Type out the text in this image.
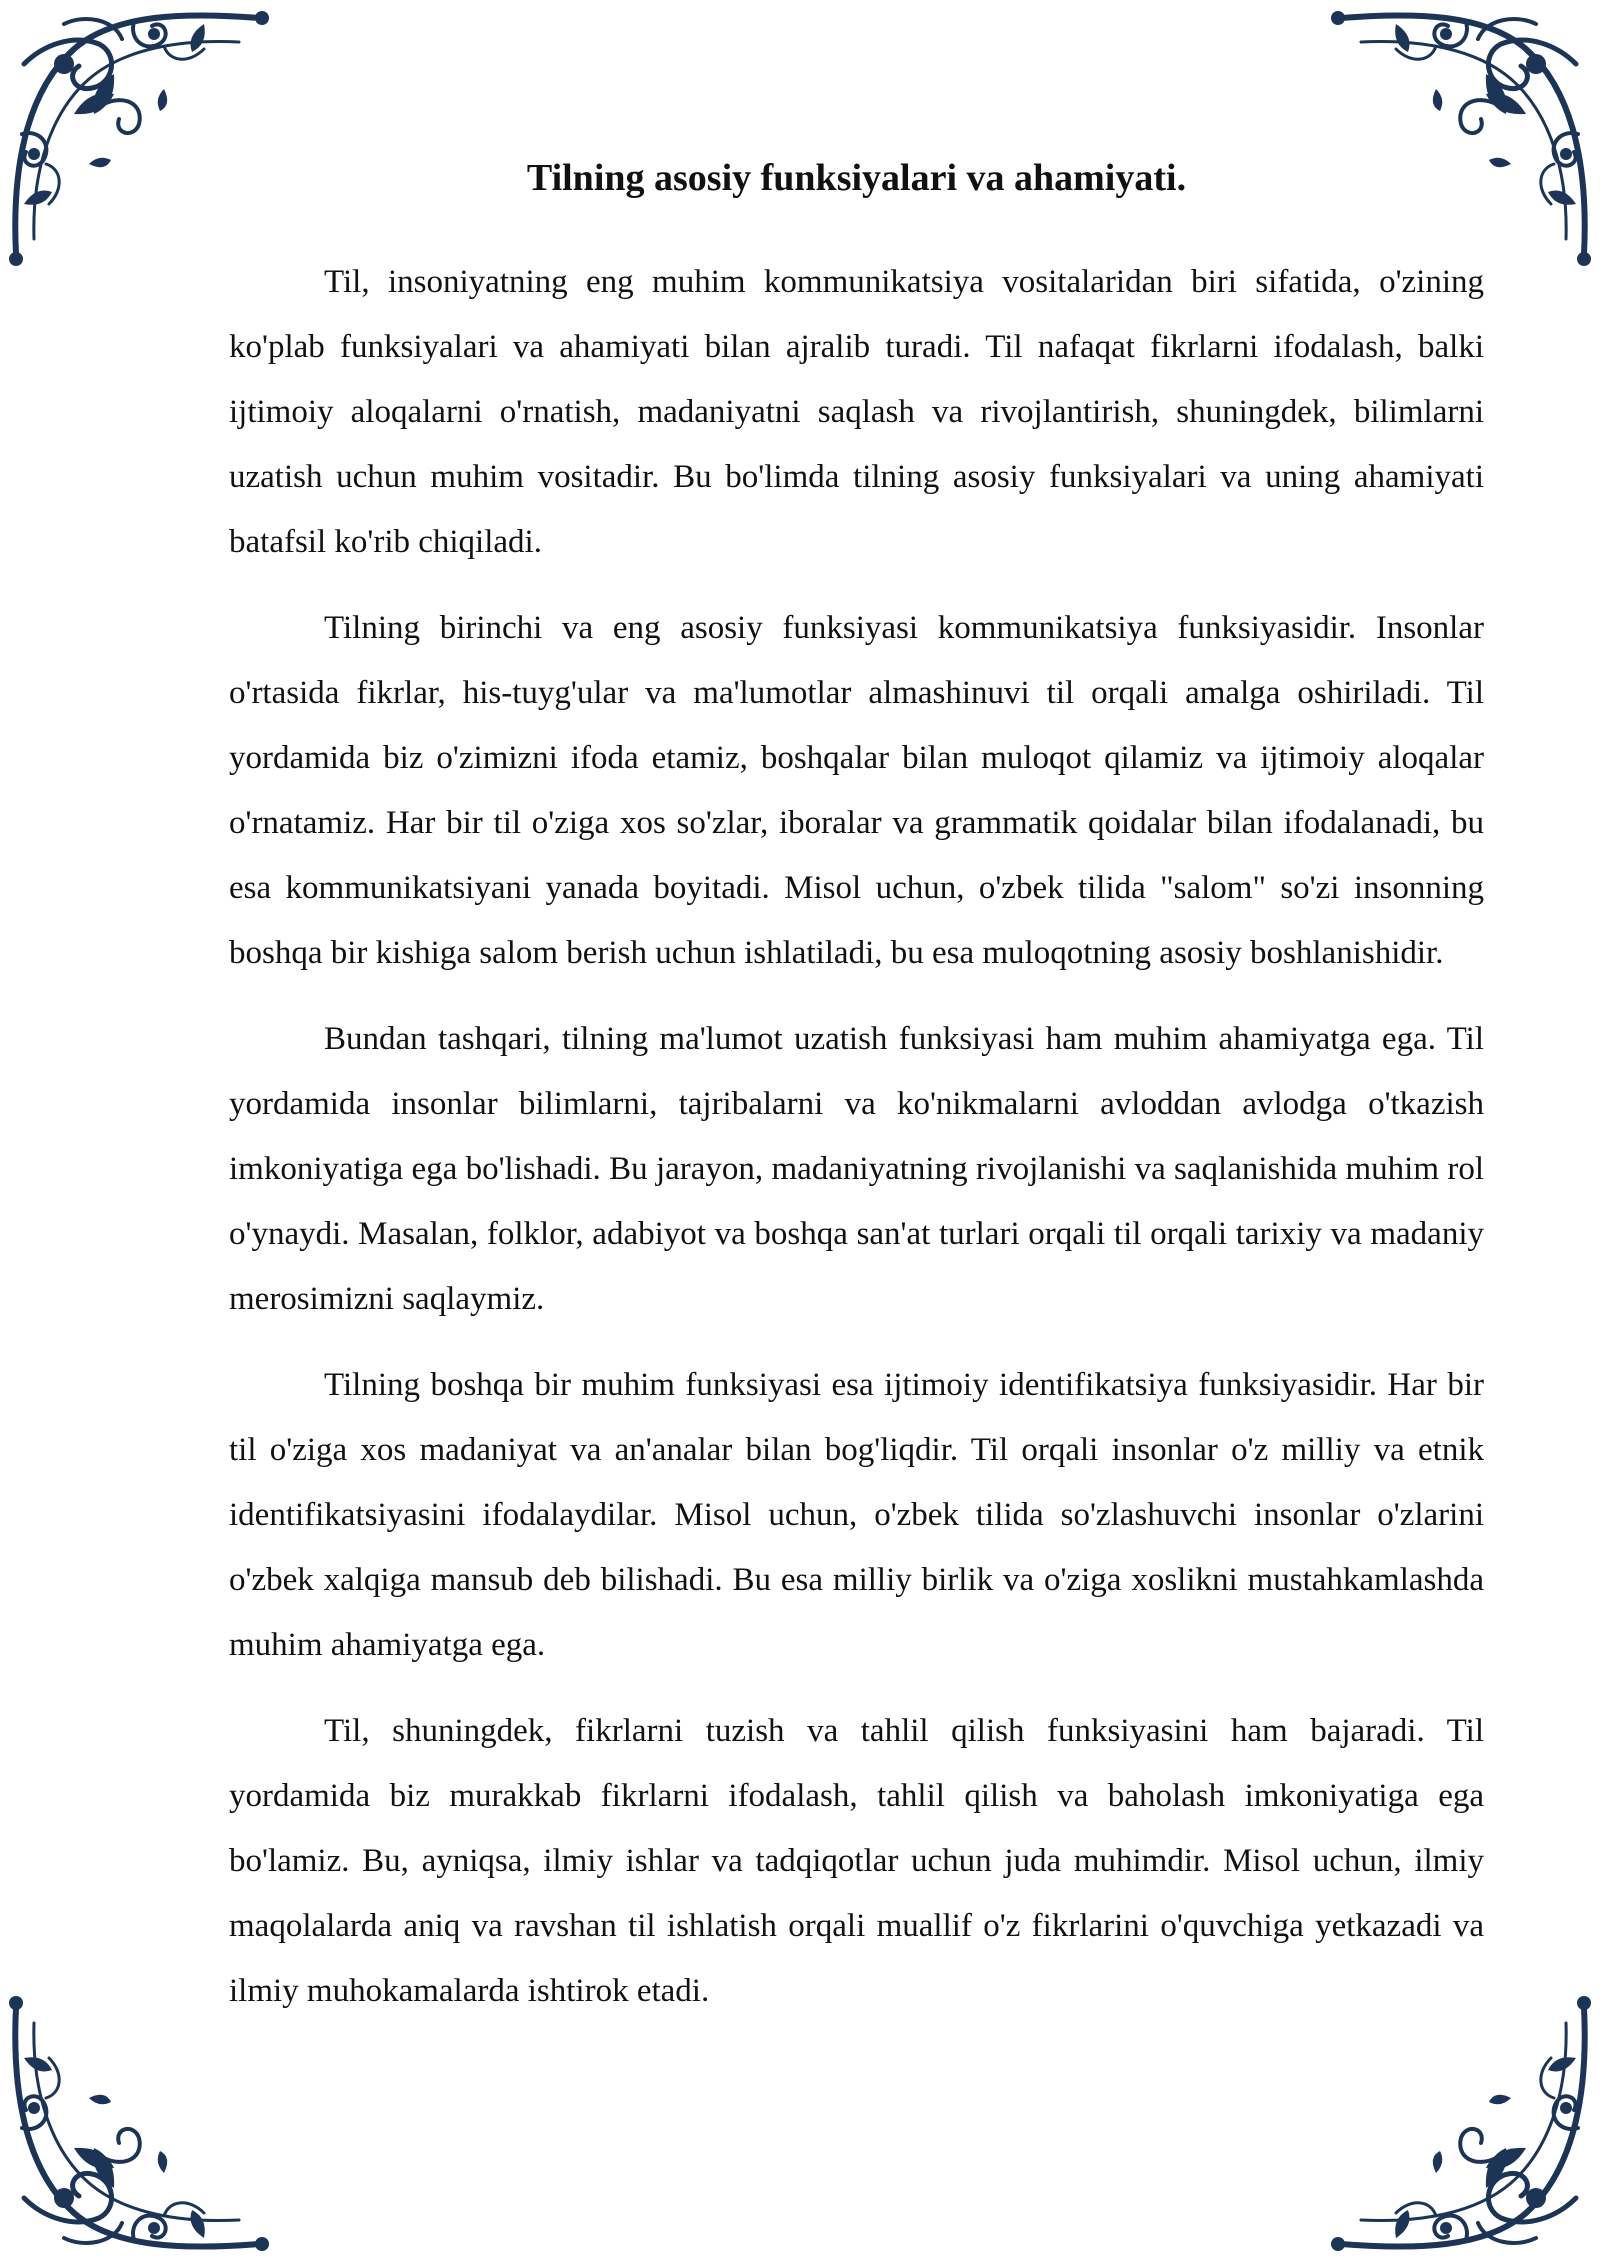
Tilning asosiy funksiyalari va ahamiyati.

Til, insoniyatning eng muhim kommunikatsiya vositalaridan biri sifatida, o'zining ko'plab funksiyalari va ahamiyati bilan ajralib turadi. Til nafaqat fikrlarni ifodalash, balki ijtimoiy aloqalarni o'rnatish, madaniyatni saqlash va rivojlantirish, shuningdek, bilimlarni uzatish uchun muhim vositadir. Bu bo'limda tilning asosiy funksiyalari va uning ahamiyati batafsil ko'rib chiqiladi.

Tilning birinchi va eng asosiy funksiyasi kommunikatsiya funksiyasidir. Insonlar o'rtasida fikrlar, his-tuyg'ular va ma'lumotlar almashinuvi til orqali amalga oshiriladi. Til yordamida biz o'zimizni ifoda etamiz, boshqalar bilan muloqot qilamiz va ijtimoiy aloqalar o'rnatamiz. Har bir til o'ziga xos so'zlar, iboralar va grammatik qoidalar bilan ifodalanadi, bu esa kommunikatsiyani yanada boyitadi. Misol uchun, o'zbek tilida "salom" so'zi insonning boshqa bir kishiga salom berish uchun ishlatiladi, bu esa muloqotning asosiy boshlanishidir.

Bundan tashqari, tilning ma'lumot uzatish funksiyasi ham muhim ahamiyatga ega. Til yordamida insonlar bilimlarni, tajribalarni va ko'nikmalarni avloddan avlodga o'tkazish imkoniyatiga ega bo'lishadi. Bu jarayon, madaniyatning rivojlanishi va saqlanishida muhim rol o'ynaydi. Masalan, folklor, adabiyot va boshqa san'at turlari orqali til orqali tarixiy va madaniy merosimizni saqlaymiz.

Tilning boshqa bir muhim funksiyasi esa ijtimoiy identifikatsiya funksiyasidir. Har bir til o'ziga xos madaniyat va an'analar bilan bog'liqdir. Til orqali insonlar o'z milliy va etnik identifikatsiyasini ifodalaydilar. Misol uchun, o'zbek tilida so'zlashuvchi insonlar o'zlarini o'zbek xalqiga mansub deb bilishadi. Bu esa milliy birlik va o'ziga xoslikni mustahkamlashda muhim ahamiyatga ega.

Til, shuningdek, fikrlarni tuzish va tahlil qilish funksiyasini ham bajaradi. Til yordamida biz murakkab fikrlarni ifodalash, tahlil qilish va baholash imkoniyatiga ega bo'lamiz. Bu, ayniqsa, ilmiy ishlar va tadqiqotlar uchun juda muhimdir. Misol uchun, ilmiy maqolalarda aniq va ravshan til ishlatish orqali muallif o'z fikrlarini o'quvchiga yetkazadi va ilmiy muhokamalarda ishtirok etadi.
